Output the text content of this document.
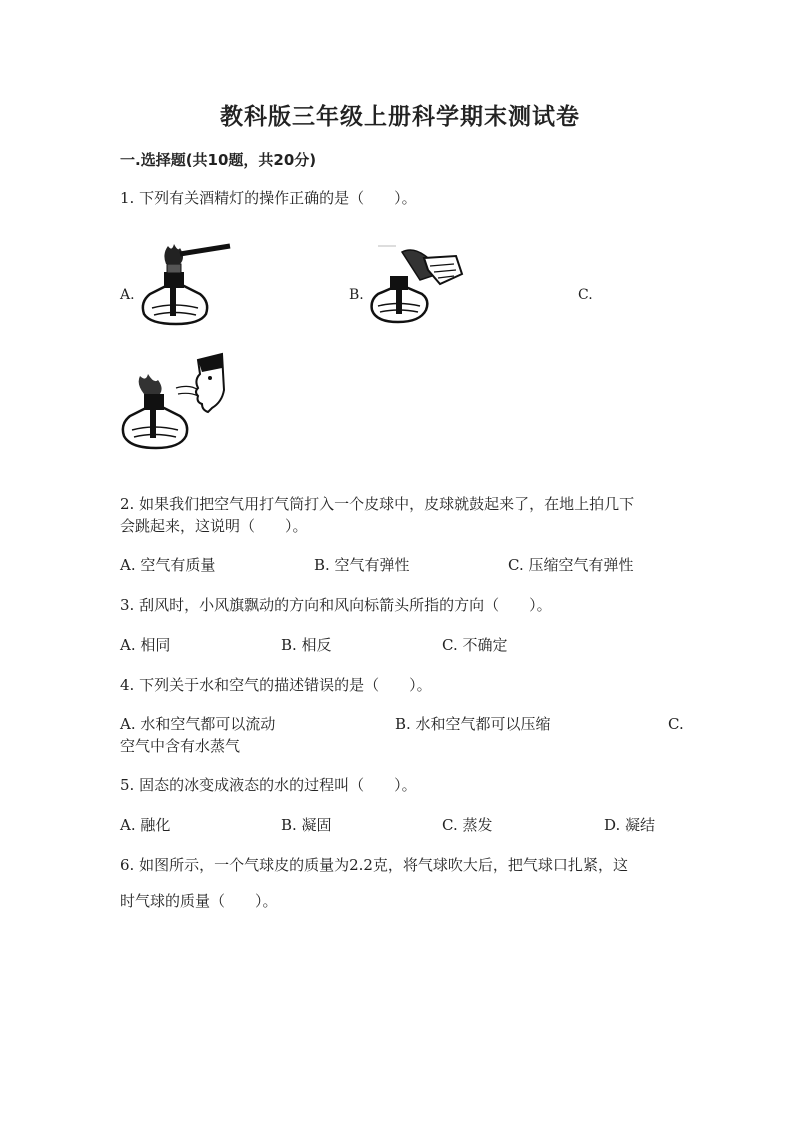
教科版三年级上册科学期末测试卷
一.选择题(共10题，共20分)
1. 下列有关酒精灯的操作正确的是（　　）。
A.	B.	C.
2. 如果我们把空气用打气筒打入一个皮球中，皮球就鼓起来了，在地上拍几下
会跳起来，这说明（　　）。
A. 空气有质量	B. 空气有弹性	C. 压缩空气有弹性
3. 刮风时，小风旗飘动的方向和风向标箭头所指的方向（　　）。
A. 相同	B. 相反	C. 不确定
4. 下列关于水和空气的描述错误的是（　　）。
A. 水和空气都可以流动	B. 水和空气都可以压缩	C.
空气中含有水蒸气
5. 固态的冰变成液态的水的过程叫（　　）。
A. 融化	B. 凝固	C. 蒸发	D. 凝结
6. 如图所示，一个气球皮的质量为2.2克，将气球吹大后，把气球口扎紧，这
时气球的质量（　　）。
